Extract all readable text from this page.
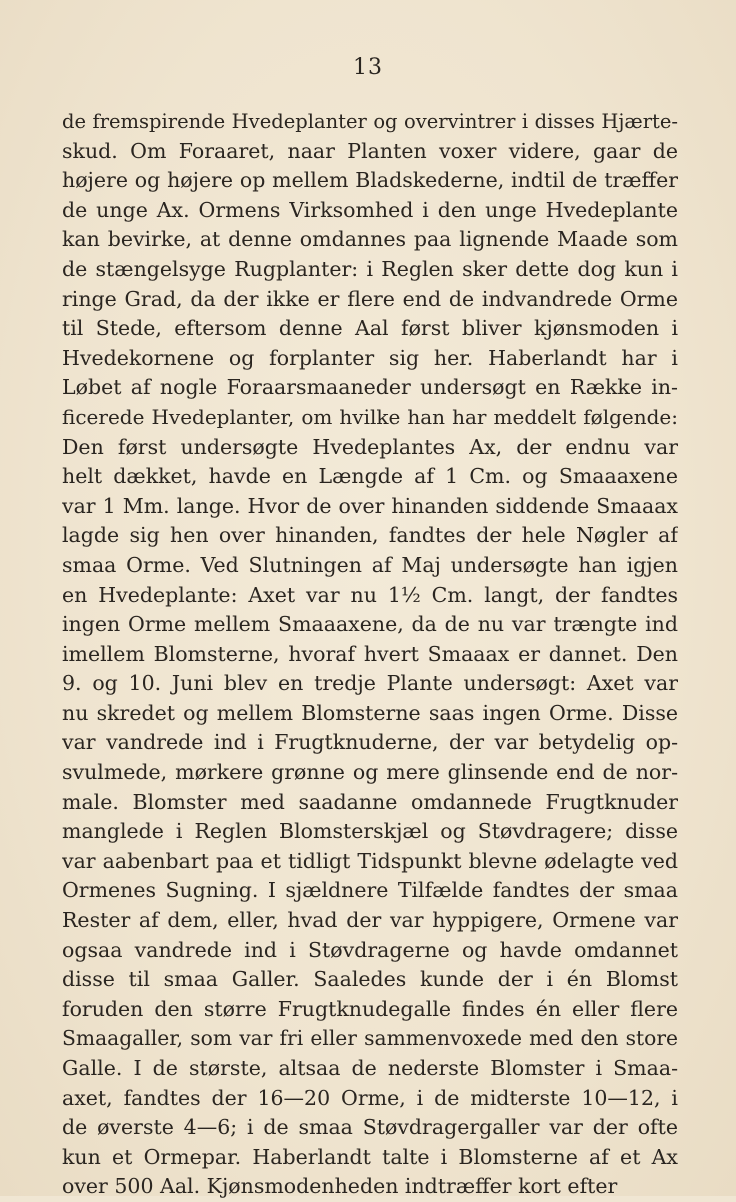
13
de fremspirende Hvedeplanter og overvintrer i disses Hjærte-
skud. Om Foraaret, naar Planten voxer videre, gaar de
højere og højere op mellem Bladskederne, indtil de træffer
de unge Ax. Ormens Virksomhed i den unge Hvedeplante
kan bevirke, at denne omdannes paa lignende Maade som
de stængelsyge Rugplanter: i Reglen sker dette dog kun i
ringe Grad, da der ikke er flere end de indvandrede Orme
til Stede, eftersom denne Aal først bliver kjønsmoden i
Hvedekornene og forplanter sig her. Haberlandt har i
Løbet af nogle Foraarsmaaneder undersøgt en Række in-
ficerede Hvedeplanter, om hvilke han har meddelt følgende:
Den først undersøgte Hvedeplantes Ax, der endnu var
helt dækket, havde en Længde af 1 Cm. og Smaaaxene
var 1 Mm. lange. Hvor de over hinanden siddende Smaaax
lagde sig hen over hinanden, fandtes der hele Nøgler af
smaa Orme. Ved Slutningen af Maj undersøgte han igjen
en Hvedeplante: Axet var nu 1½ Cm. langt, der fandtes
ingen Orme mellem Smaaaxene, da de nu var trængte ind
imellem Blomsterne, hvoraf hvert Smaaax er dannet. Den
9. og 10. Juni blev en tredje Plante undersøgt: Axet var
nu skredet og mellem Blomsterne saas ingen Orme. Disse
var vandrede ind i Frugtknuderne, der var betydelig op-
svulmede, mørkere grønne og mere glinsende end de nor-
male. Blomster med saadanne omdannede Frugtknuder
manglede i Reglen Blomsterskjæl og Støvdragere; disse
var aabenbart paa et tidligt Tidspunkt blevne ødelagte ved
Ormenes Sugning. I sjældnere Tilfælde fandtes der smaa
Rester af dem, eller, hvad der var hyppigere, Ormene var
ogsaa vandrede ind i Støvdragerne og havde omdannet
disse til smaa Galler. Saaledes kunde der i én Blomst
foruden den større Frugtknudegalle findes én eller flere
Smaagaller, som var fri eller sammenvoxede med den store
Galle. I de største, altsaa de nederste Blomster i Smaa-
axet, fandtes der 16—20 Orme, i de midterste 10—12, i
de øverste 4—6; i de smaa Støvdragergaller var der ofte
kun et Ormepar. Haberlandt talte i Blomsterne af et Ax
over 500 Aal. Kjønsmodenheden indtræffer kort efter
